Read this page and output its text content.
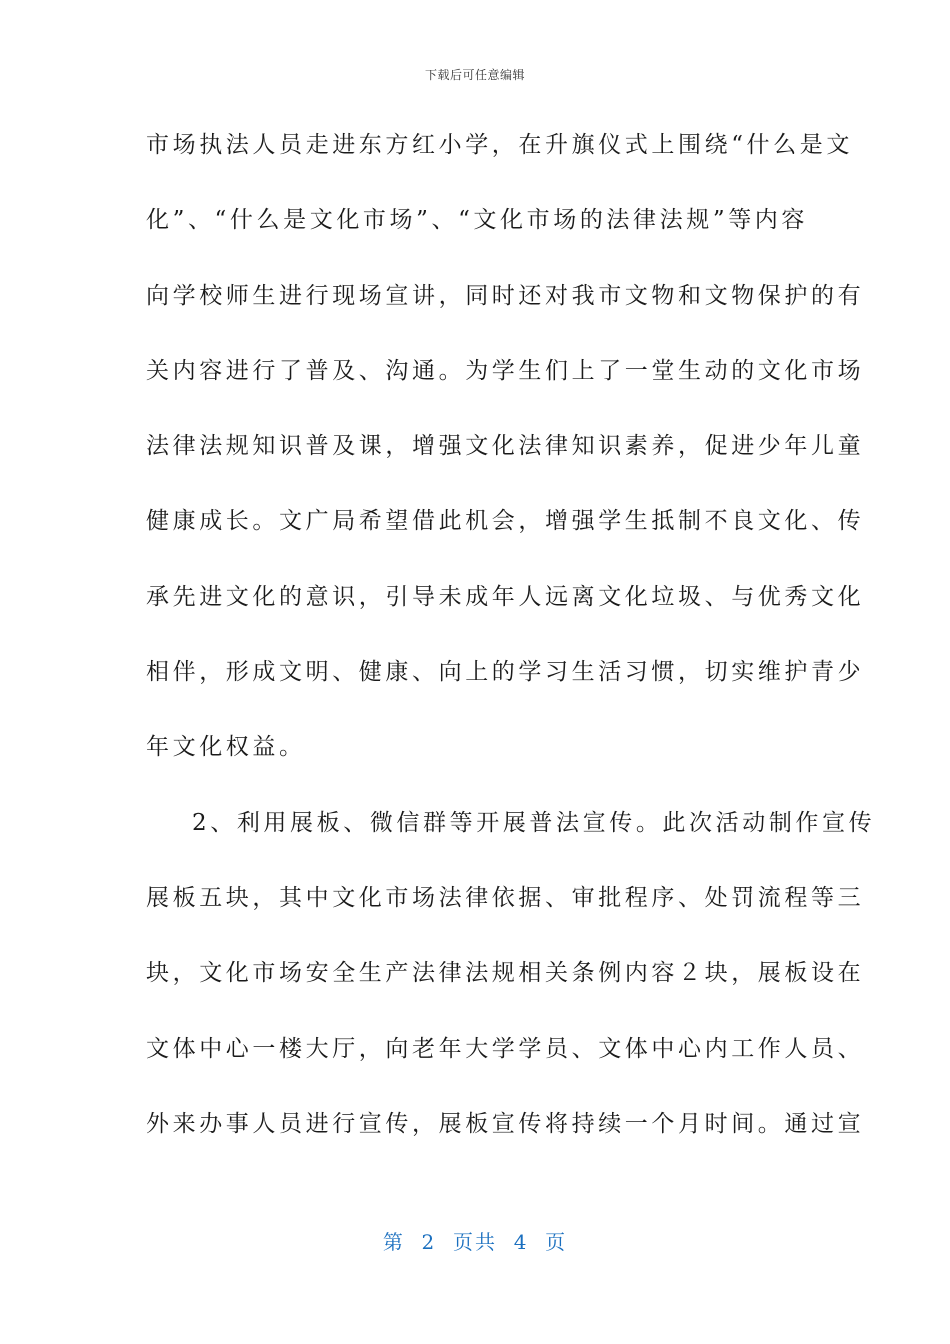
下载后可任意编辑
市场执法人员走进东方红小学，在升旗仪式上围绕“什么是文
化”、“什么是文化市场”、“文化市场的法律法规”等内容
向学校师生进行现场宣讲，同时还对我市文物和文物保护的有
关内容进行了普及、沟通。为学生们上了一堂生动的文化市场
法律法规知识普及课，增强文化法律知识素养，促进少年儿童
健康成长。文广局希望借此机会，增强学生抵制不良文化、传
承先进文化的意识，引导未成年人远离文化垃圾、与优秀文化
相伴，形成文明、健康、向上的学习生活习惯，切实维护青少
年文化权益。
2、利用展板、微信群等开展普法宣传。此次活动制作宣传
展板五块，其中文化市场法律依据、审批程序、处罚流程等三
块，文化市场安全生产法律法规相关条例内容２块，展板设在
文体中心一楼大厅，向老年大学学员、文体中心内工作人员、
外来办事人员进行宣传，展板宣传将持续一个月时间。通过宣
第  2  页共  4  页
